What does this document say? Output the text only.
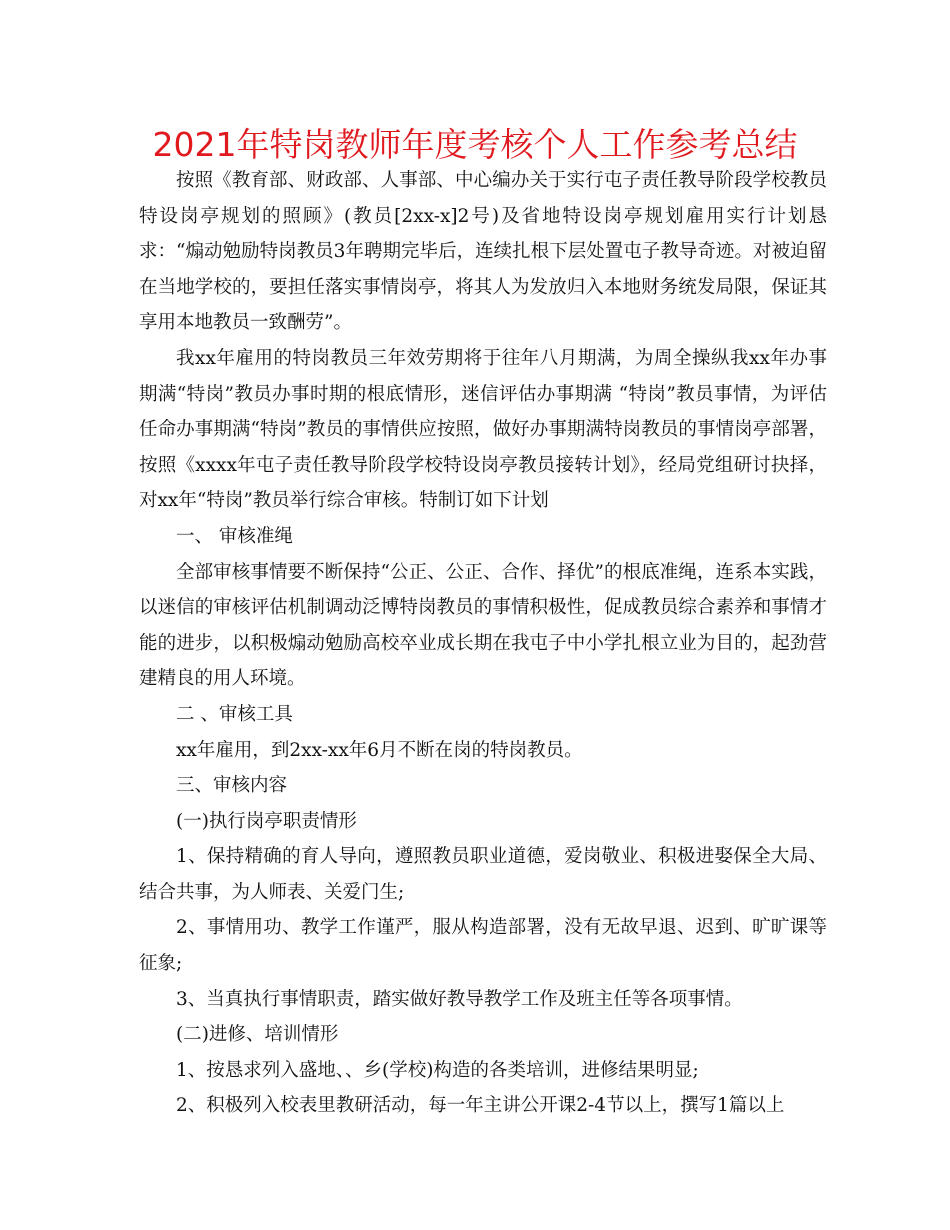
2021年特岗教师年度考核个人工作参考总结

按照《教育部、财政部、人事部、中心编办关于实行屯子责任教导阶段学校教员特设岗亭规划的照顾》(教员[2xx-x]2号)及省地特设岗亭规划雇用实行计划恳求：“煽动勉励特岗教员3年聘期完毕后，连续扎根下层处置屯子教导奇迹。对被迫留在当地学校的，要担任落实事情岗亭，将其人为发放归入本地财务统发局限，保证其享用本地教员一致酬劳”。

我xx年雇用的特岗教员三年效劳期将于往年八月期满，为周全操纵我xx年办事期满“特岗”教员办事时期的根底情形，迷信评估办事期满 “特岗”教员事情，为评估任命办事期满“特岗”教员的事情供应按照，做好办事期满特岗教员的事情岗亭部署，按照《xxxx年屯子责任教导阶段学校特设岗亭教员接转计划》，经局党组研讨抉择，对xx年“特岗”教员举行综合审核。特制订如下计划

一、 审核准绳

全部审核事情要不断保持“公正、公正、合作、择优”的根底准绳，连系本实践，以迷信的审核评估机制调动泛博特岗教员的事情积极性，促成教员综合素养和事情才能的进步，以积极煽动勉励高校卒业成长期在我屯子中小学扎根立业为目的，起劲营建精良的用人环境。

二 、审核工具

xx年雇用，到2xx-xx年6月不断在岗的特岗教员。

三、审核内容

(一)执行岗亭职责情形

1、保持精确的育人导向，遵照教员职业道德，爱岗敬业、积极进娶保全大局、结合共事，为人师表、关爱门生;

2、事情用功、教学工作谨严，服从构造部署，没有无故早退、迟到、旷旷课等征象;

3、当真执行事情职责，踏实做好教导教学工作及班主任等各项事情。

(二)进修、培训情形

1、按恳求列入盛地、、乡(学校)构造的各类培训，进修结果明显;

2、积极列入校表里教研活动，每一年主讲公开课2-4节以上，撰写1篇以上
